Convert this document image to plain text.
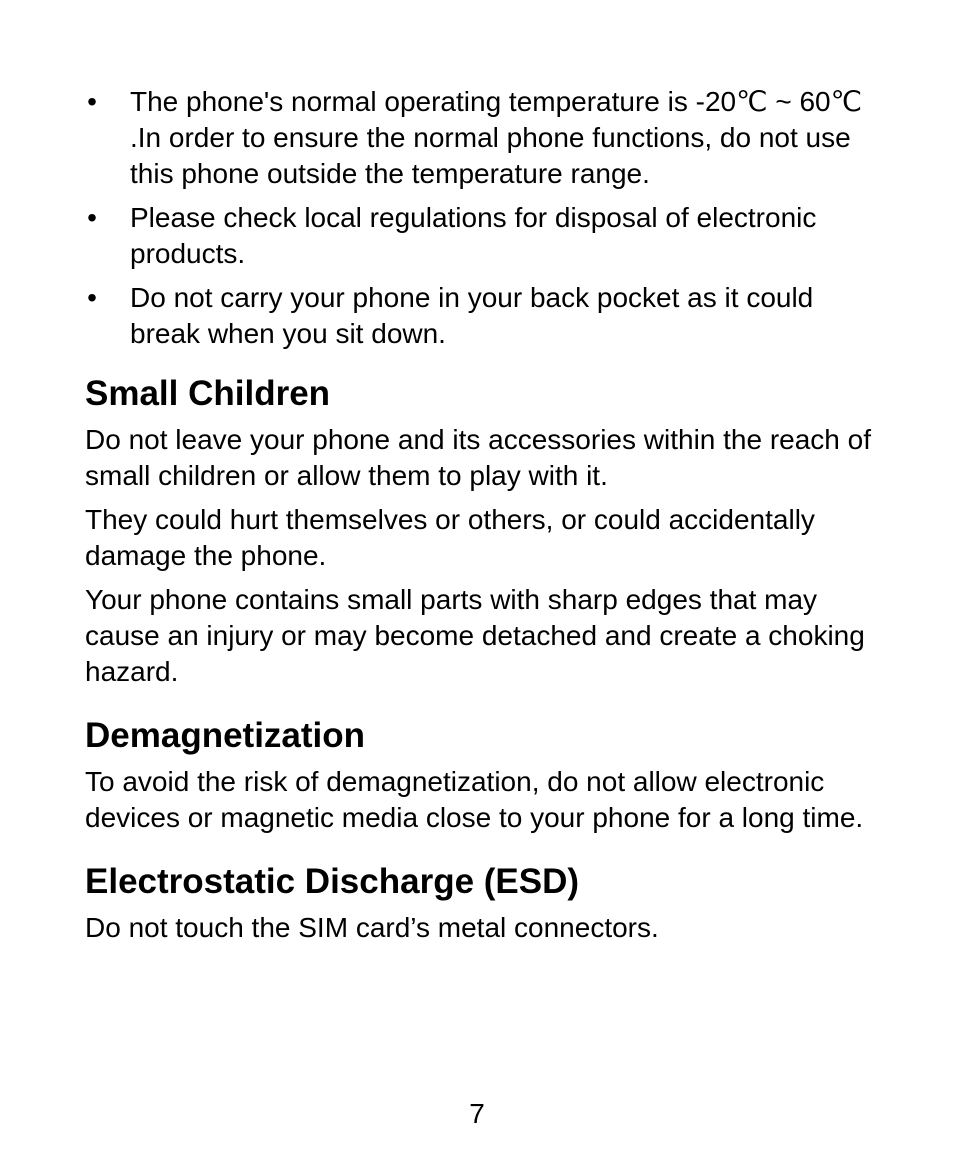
• The phone's normal operating temperature is -20℃ ~ 60℃ .In order to ensure the normal phone functions, do not use this phone outside the temperature range.
• Please check local regulations for disposal of electronic products.
• Do not carry your phone in your back pocket as it could break when you sit down.
Small Children

Do not leave your phone and its accessories within the reach of small children or allow them to play with it.

They could hurt themselves or others, or could accidentally damage the phone.

Your phone contains small parts with sharp edges that may cause an injury or may become detached and create a choking hazard.

Demagnetization

To avoid the risk of demagnetization, do not allow electronic devices or magnetic media close to your phone for a long time.

Electrostatic Discharge (ESD)

Do not touch the SIM card’s metal connectors.

7
